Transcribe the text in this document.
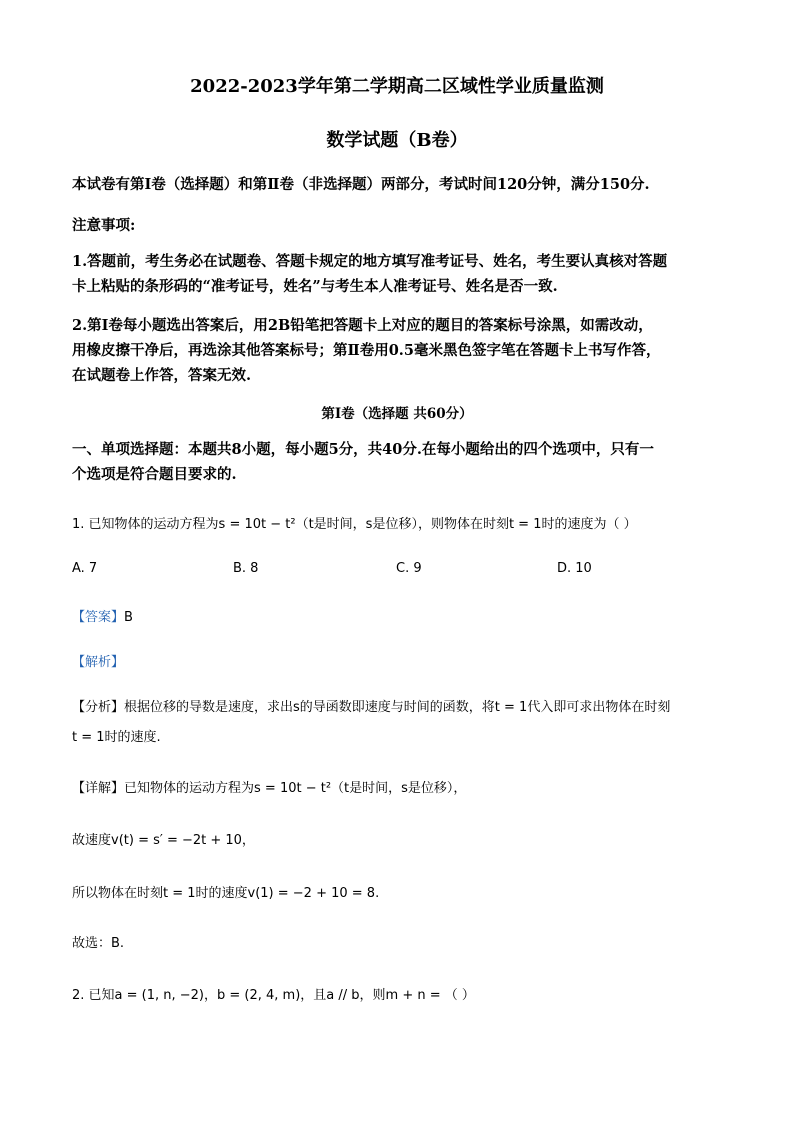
2022-2023学年第二学期高二区域性学业质量监测
数学试题（B卷）
本试卷有第Ⅰ卷（选择题）和第Ⅱ卷（非选择题）两部分，考试时间120分钟，满分150分.
注意事项:
1.答题前，考生务必在试题卷、答题卡规定的地方填写准考证号、姓名，考生要认真核对答题
卡上粘贴的条形码的“准考证号，姓名”与考生本人准考证号、姓名是否一致.
2.第Ⅰ卷每小题选出答案后，用2B铅笔把答题卡上对应的题目的答案标号涂黑，如需改动，
用橡皮擦干净后，再选涂其他答案标号；第Ⅱ卷用0.5毫米黑色签字笔在答题卡上书写作答，
在试题卷上作答，答案无效.
第Ⅰ卷（选择题 共60分）
一、单项选择题：本题共8小题，每小题5分，共40分.在每小题给出的四个选项中，只有一
个选项是符合题目要求的.
1. 已知物体的运动方程为s = 10t − t²（t是时间，s是位移），则物体在时刻t = 1时的速度为（ ）
A. 7	B. 8	C. 9	D. 10
【答案】B
【解析】
【分析】根据位移的导数是速度，求出s的导函数即速度与时间的函数，将t = 1代入即可求出物体在时刻
t = 1时的速度.
【详解】已知物体的运动方程为s = 10t − t²（t是时间，s是位移），
故速度v(t) = s′ = −2t + 10，
所以物体在时刻t = 1时的速度v(1) = −2 + 10 = 8.
故选：B.
2. 已知a = (1, n, −2)，b = (2, 4, m)，且a // b，则m + n = （ ）
